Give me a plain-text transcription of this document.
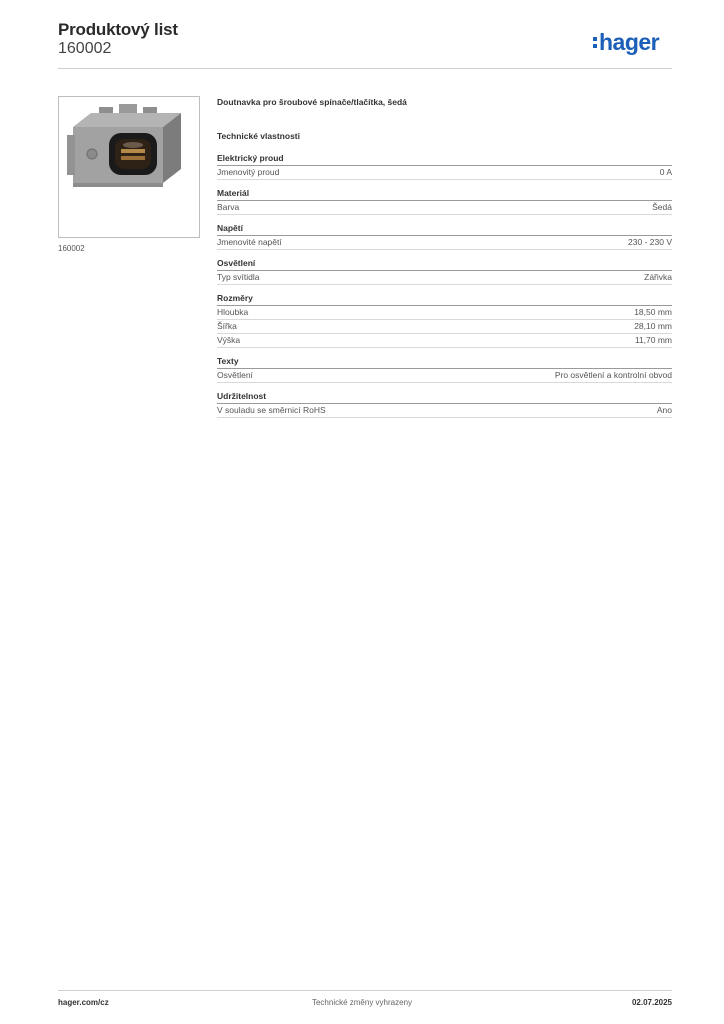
Produktový list
160002	hager
160002
Doutnavka pro šroubové spínače/tlačítka, šedá
Technické vlastnosti
Elektrický proud
Jmenovitý proud	0 A
Materiál
Barva	Šedá
Napětí
Jmenovité napětí	230 - 230 V
Osvětlení
Typ svítidla	Zářivka
Rozměry
Hloubka	18,50 mm
Šířka	28,10 mm
Výška	11,70 mm
Texty
Osvětlení	Pro osvětlení a kontrolní obvod
Udržitelnost
V souladu se směrnicí RoHS	Ano
hager.com/cz	Technické změny vyhrazeny	02.07.2025
